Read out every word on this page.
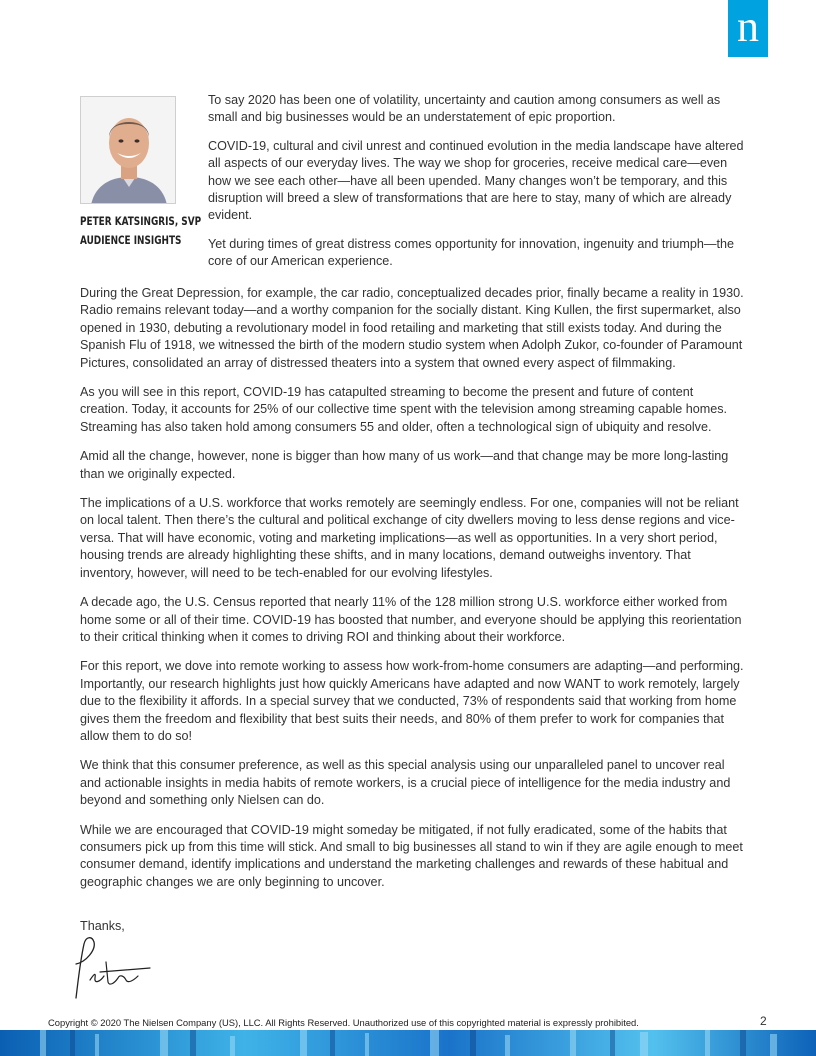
n
PETER KATSINGRIS, SVP
AUDIENCE INSIGHTS

To say 2020 has been one of volatility, uncertainty and caution among consumers as well as small and big businesses would be an understatement of epic proportion.

COVID-19, cultural and civil unrest and continued evolution in the media landscape have altered all aspects of our everyday lives. The way we shop for groceries, receive medical care—even how we see each other—have all been upended. Many changes won’t be temporary, and this disruption will breed a slew of transformations that are here to stay, many of which are already evident.

Yet during times of great distress comes opportunity for innovation, ingenuity and triumph—the core of our American experience.

During the Great Depression, for example, the car radio, conceptualized decades prior, finally became a reality in 1930. Radio remains relevant today—and a worthy companion for the socially distant. King Kullen, the first supermarket, also opened in 1930, debuting a revolutionary model in food retailing and marketing that still exists today. And during the Spanish Flu of 1918, we witnessed the birth of the modern studio system when Adolph Zukor, co-founder of Paramount Pictures, consolidated an array of distressed theaters into a system that owned every aspect of filmmaking.

As you will see in this report, COVID-19 has catapulted streaming to become the present and future of content creation. Today, it accounts for 25% of our collective time spent with the television among streaming capable homes. Streaming has also taken hold among consumers 55 and older, often a technological sign of ubiquity and resolve.

Amid all the change, however, none is bigger than how many of us work—and that change may be more long-lasting than we originally expected.

The implications of a U.S. workforce that works remotely are seemingly endless. For one, companies will not be reliant on local talent. Then there’s the cultural and political exchange of city dwellers moving to less dense regions and vice-versa. That will have economic, voting and marketing implications—as well as opportunities. In a very short period, housing trends are already highlighting these shifts, and in many locations, demand outweighs inventory. That inventory, however, will need to be tech-enabled for our evolving lifestyles.

A decade ago, the U.S. Census reported that nearly 11% of the 128 million strong U.S. workforce either worked from home some or all of their time. COVID-19 has boosted that number, and everyone should be applying this reorientation to their critical thinking when it comes to driving ROI and thinking about their workforce.

For this report, we dove into remote working to assess how work-from-home consumers are adapting—and performing. Importantly, our research highlights just how quickly Americans have adapted and now WANT to work remotely, largely due to the flexibility it affords. In a special survey that we conducted, 73% of respondents said that working from home gives them the freedom and flexibility that best suits their needs, and 80% of them prefer to work for companies that allow them to do so!

We think that this consumer preference, as well as this special analysis using our unparalleled panel to uncover real and actionable insights in media habits of remote workers, is a crucial piece of intelligence for the media industry and beyond and something only Nielsen can do.

While we are encouraged that COVID-19 might someday be mitigated, if not fully eradicated, some of the habits that consumers pick up from this time will stick. And small to big businesses all stand to win if they are agile enough to meet consumer demand, identify implications and understand the marketing challenges and rewards of these habitual and geographic changes we are only beginning to uncover.

Thanks,
Copyright © 2020 The Nielsen Company (US), LLC. All Rights Reserved. Unauthorized use of this copyrighted material is expressly prohibited.	2
